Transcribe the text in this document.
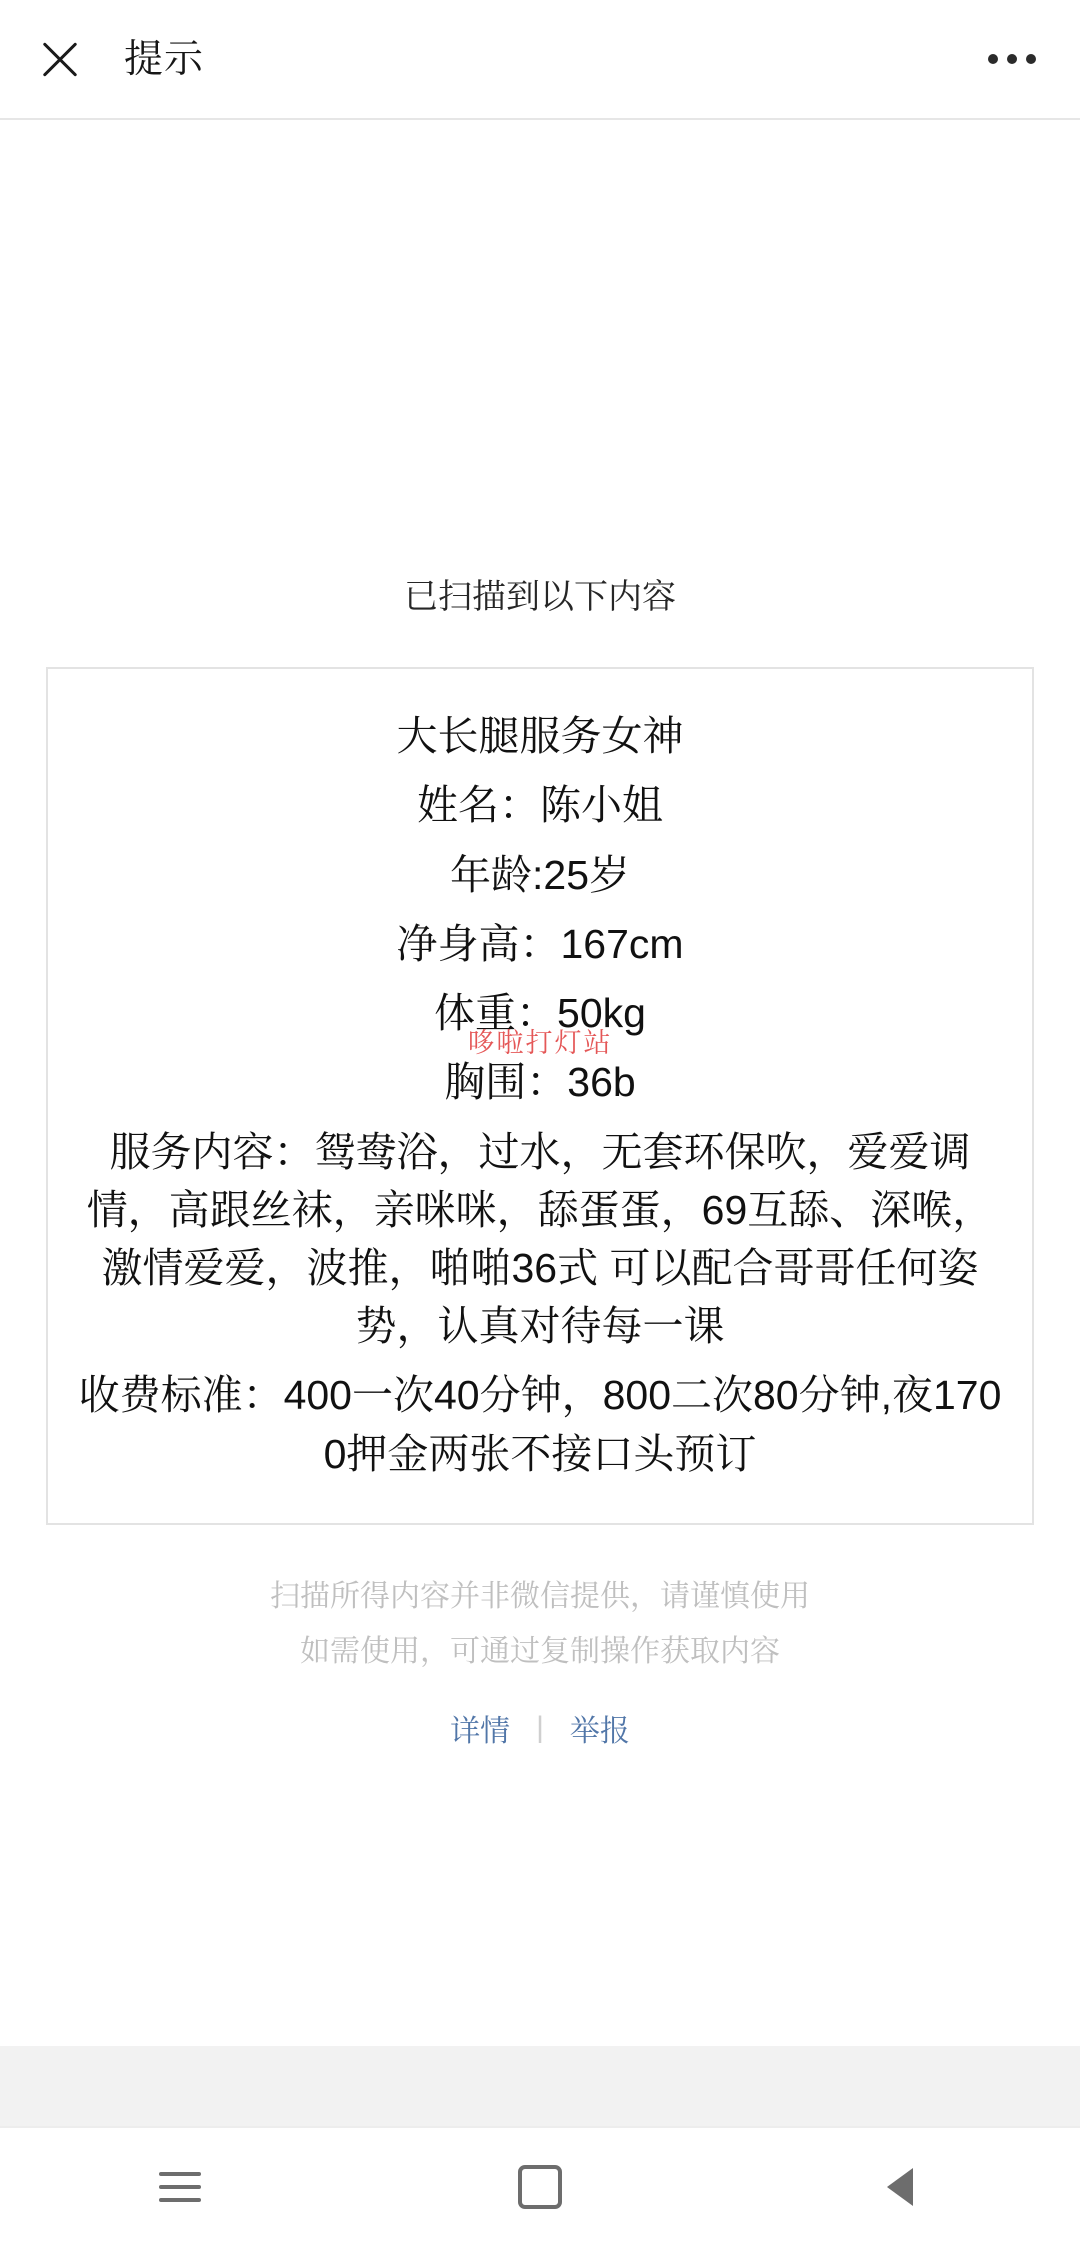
提示
已扫描到以下内容

大长腿服务女神

姓名：陈小姐

年龄:25岁

净身高：167cm

体重：50kg

胸围：36b

服务内容：鸳鸯浴，过水，无套环保吹，爱爱调情，高跟丝袜，亲咪咪，舔蛋蛋，69互舔、深喉，激情爱爱，波推，啪啪36式 可以配合哥哥任何姿势，认真对待每一课

收费标准：400一次40分钟，800二次80分钟,夜1700押金两张不接口头预订

哆啦打灯站
扫描所得内容并非微信提供，请谨慎使用
如需使用，可通过复制操作获取内容
详情 | 举报
